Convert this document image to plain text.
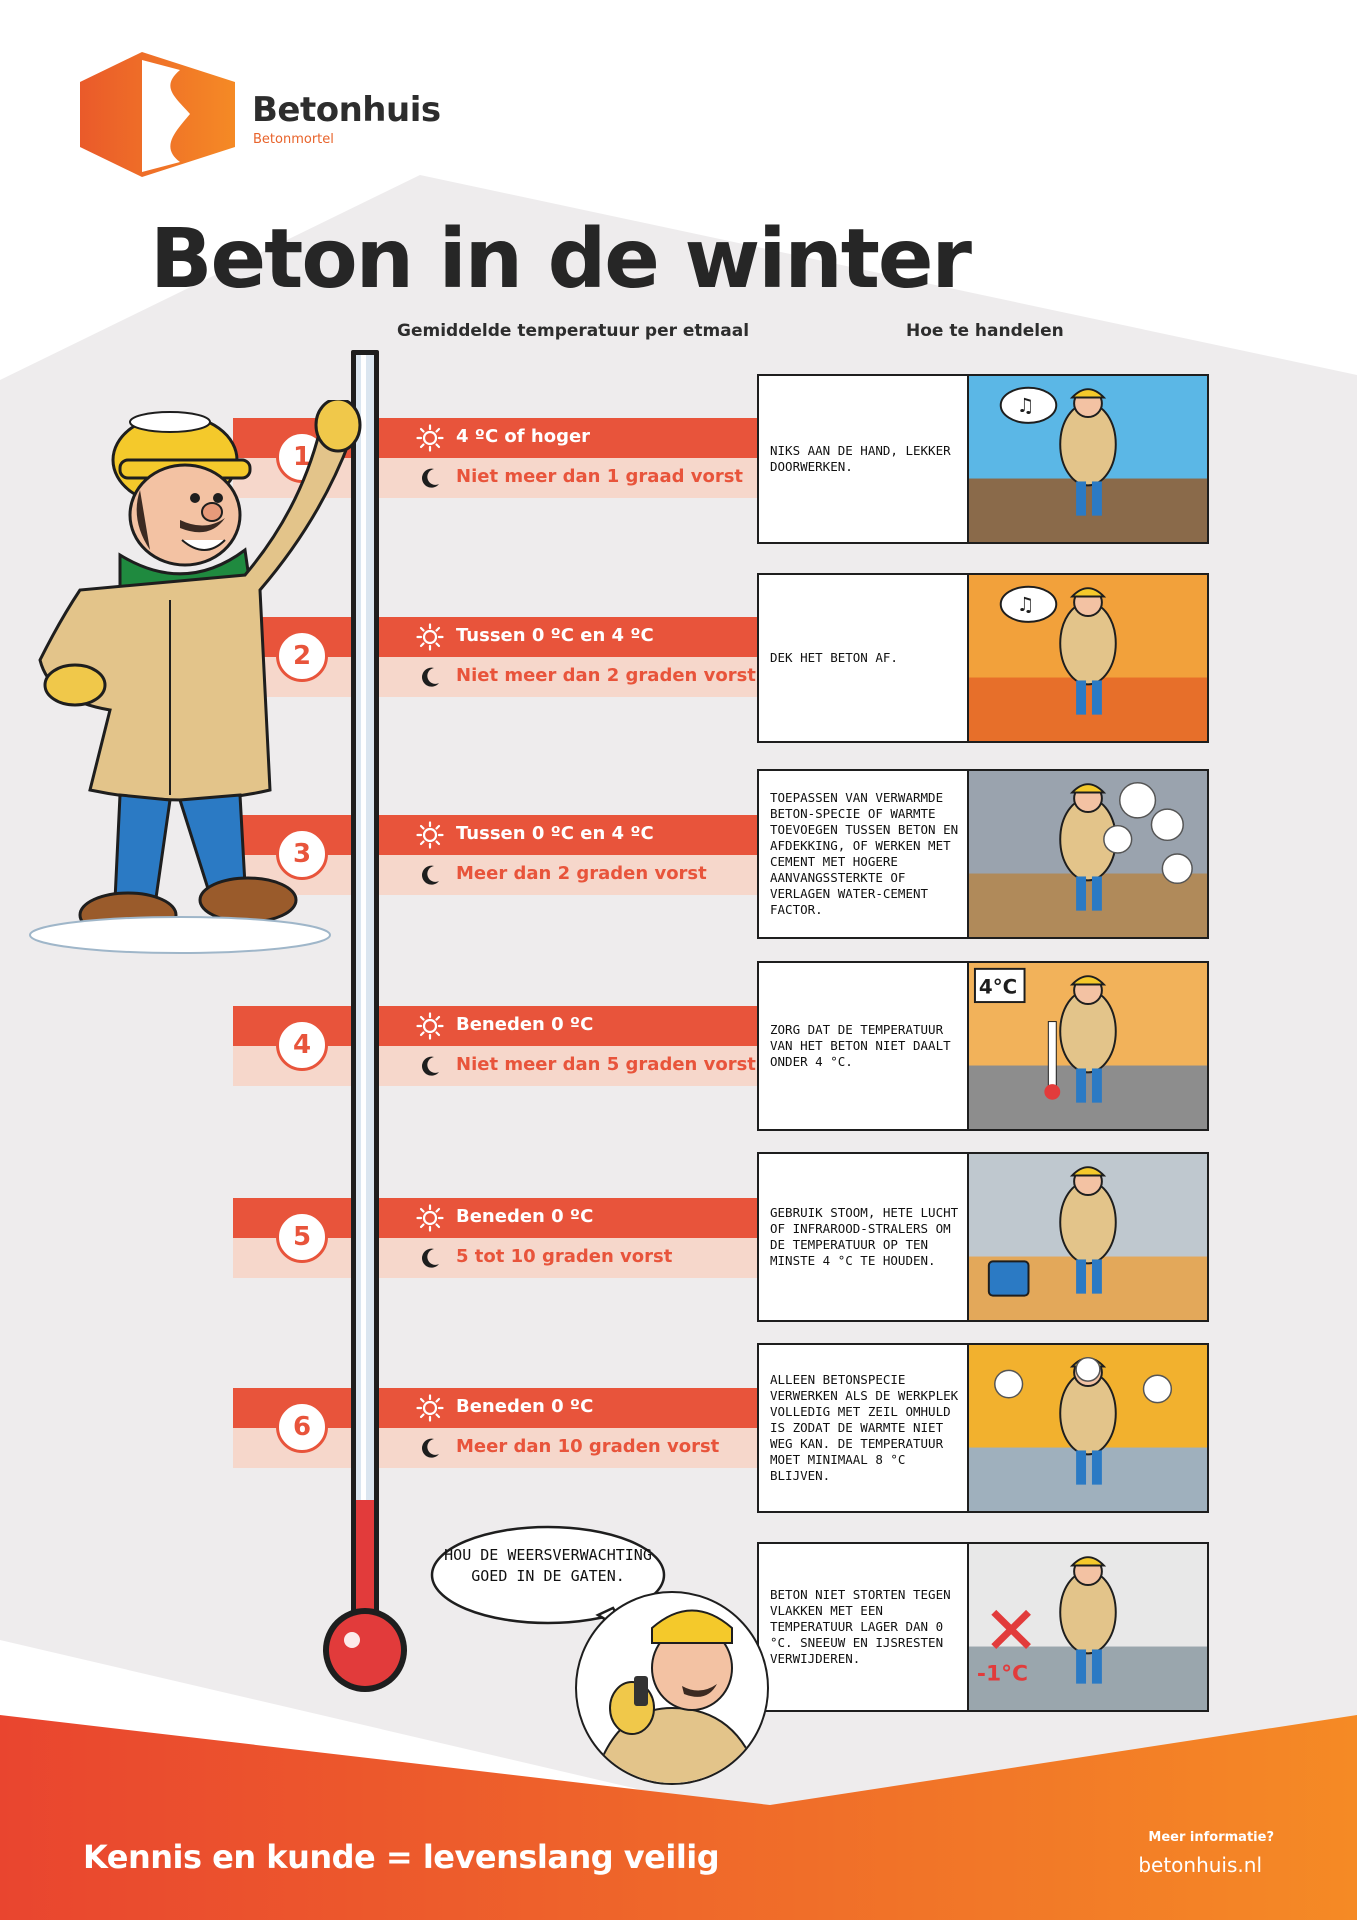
Betonhuis
Betonmortel
Beton in de winter
Gemiddelde temperatuur per etmaal	Hoe te handelen
1
4 ºC of hoger
Niet meer dan 1 graad vorst
2
Tussen 0 ºC en 4 ºC
Niet meer dan 2 graden vorst
3
Tussen 0 ºC en 4 ºC
Meer dan 2 graden vorst
4
Beneden 0 ºC
Niet meer dan 5 graden vorst
5
Beneden 0 ºC
5 tot 10 graden vorst
6
Beneden 0 ºC
Meer dan 10 graden vorst
NIKS AAN DE HAND, LEKKER DOORWERKEN.
♫
DEK HET BETON AF.
♫
TOEPASSEN VAN VERWARMDE BETON-SPECIE OF WARMTE TOEVOEGEN TUSSEN BETON EN AFDEKKING, OF WERKEN MET CEMENT MET HOGERE AANVANGSSTERKTE OF VERLAGEN WATER-CEMENT FACTOR.
ZORG DAT DE TEMPERATUUR VAN HET BETON NIET DAALT ONDER 4 °C.
4°C
GEBRUIK STOOM, HETE LUCHT OF INFRAROOD-STRALERS OM DE TEMPERATUUR OP TEN MINSTE 4 °C TE HOUDEN.
ALLEEN BETONSPECIE VERWERKEN ALS DE WERKPLEK VOLLEDIG MET ZEIL OMHULD IS ZODAT DE WARMTE NIET WEG KAN. DE TEMPERATUUR MOET MINIMAAL 8 °C BLIJVEN.
BETON NIET STORTEN TEGEN VLAKKEN MET EEN TEMPERATUUR LAGER DAN 0 °C. SNEEUW EN IJSRESTEN VERWIJDEREN.
-1°C
HOU DE WEERSVERWACHTING GOED IN DE GATEN.
Kennis en kunde = levenslang veilig
Meer informatie?
betonhuis.nl
